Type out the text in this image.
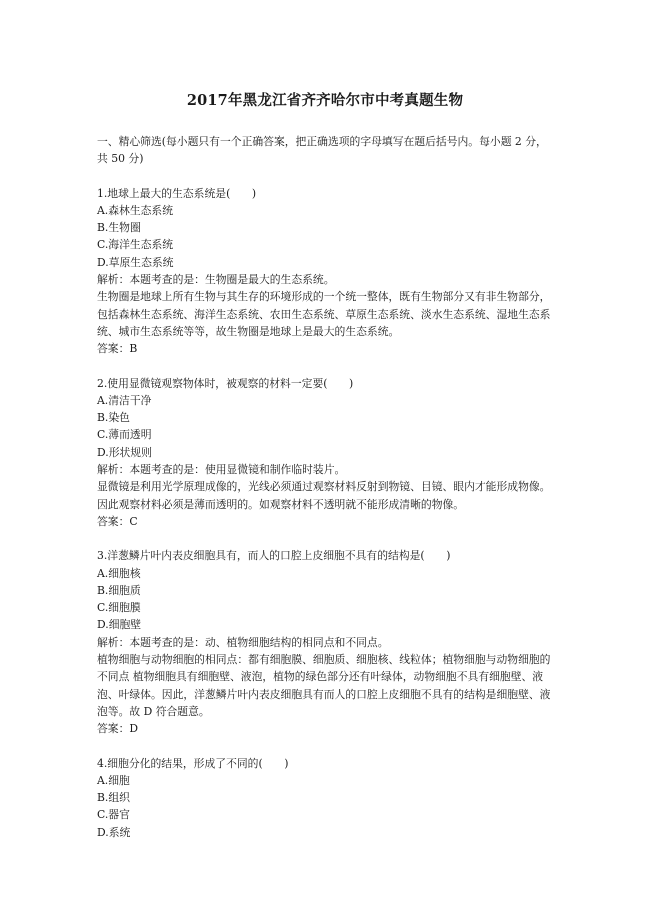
2017年黑龙江省齐齐哈尔市中考真题生物
一、精心筛选(每小题只有一个正确答案，把正确选项的字母填写在题后括号内。每小题 2 分，共 50 分)
1.地球上最大的生态系统是(　　)
A.森林生态系统
B.生物圈
C.海洋生态系统
D.草原生态系统
解析：本题考查的是：生物圈是最大的生态系统。
生物圈是地球上所有生物与其生存的环境形成的一个统一整体，既有生物部分又有非生物部分，包括森林生态系统、海洋生态系统、农田生态系统、草原生态系统、淡水生态系统、湿地生态系统、城市生态系统等等，故生物圈是地球上是最大的生态系统。
答案：B
2.使用显微镜观察物体时，被观察的材料一定要(　　)
A.清洁干净
B.染色
C.薄而透明
D.形状规则
解析：本题考查的是：使用显微镜和制作临时装片。
显微镜是利用光学原理成像的，光线必须通过观察材料反射到物镜、目镜、眼内才能形成物像。因此观察材料必须是薄而透明的。如观察材料不透明就不能形成清晰的物像。
答案：C
3.洋葱鳞片叶内表皮细胞具有，而人的口腔上皮细胞不具有的结构是(　　)
A.细胞核
B.细胞质
C.细胞膜
D.细胞壁
解析：本题考查的是：动、植物细胞结构的相同点和不同点。
植物细胞与动物细胞的相同点：都有细胞膜、细胞质、细胞核、线粒体；植物细胞与动物细胞的不同点 植物细胞具有细胞壁、液泡，植物的绿色部分还有叶绿体，动物细胞不具有细胞壁、液泡、叶绿体。因此，洋葱鳞片叶内表皮细胞具有而人的口腔上皮细胞不具有的结构是细胞壁、液泡等。故 D 符合题意。
答案：D
4.细胞分化的结果，形成了不同的(　　)
A.细胞
B.组织
C.器官
D.系统
